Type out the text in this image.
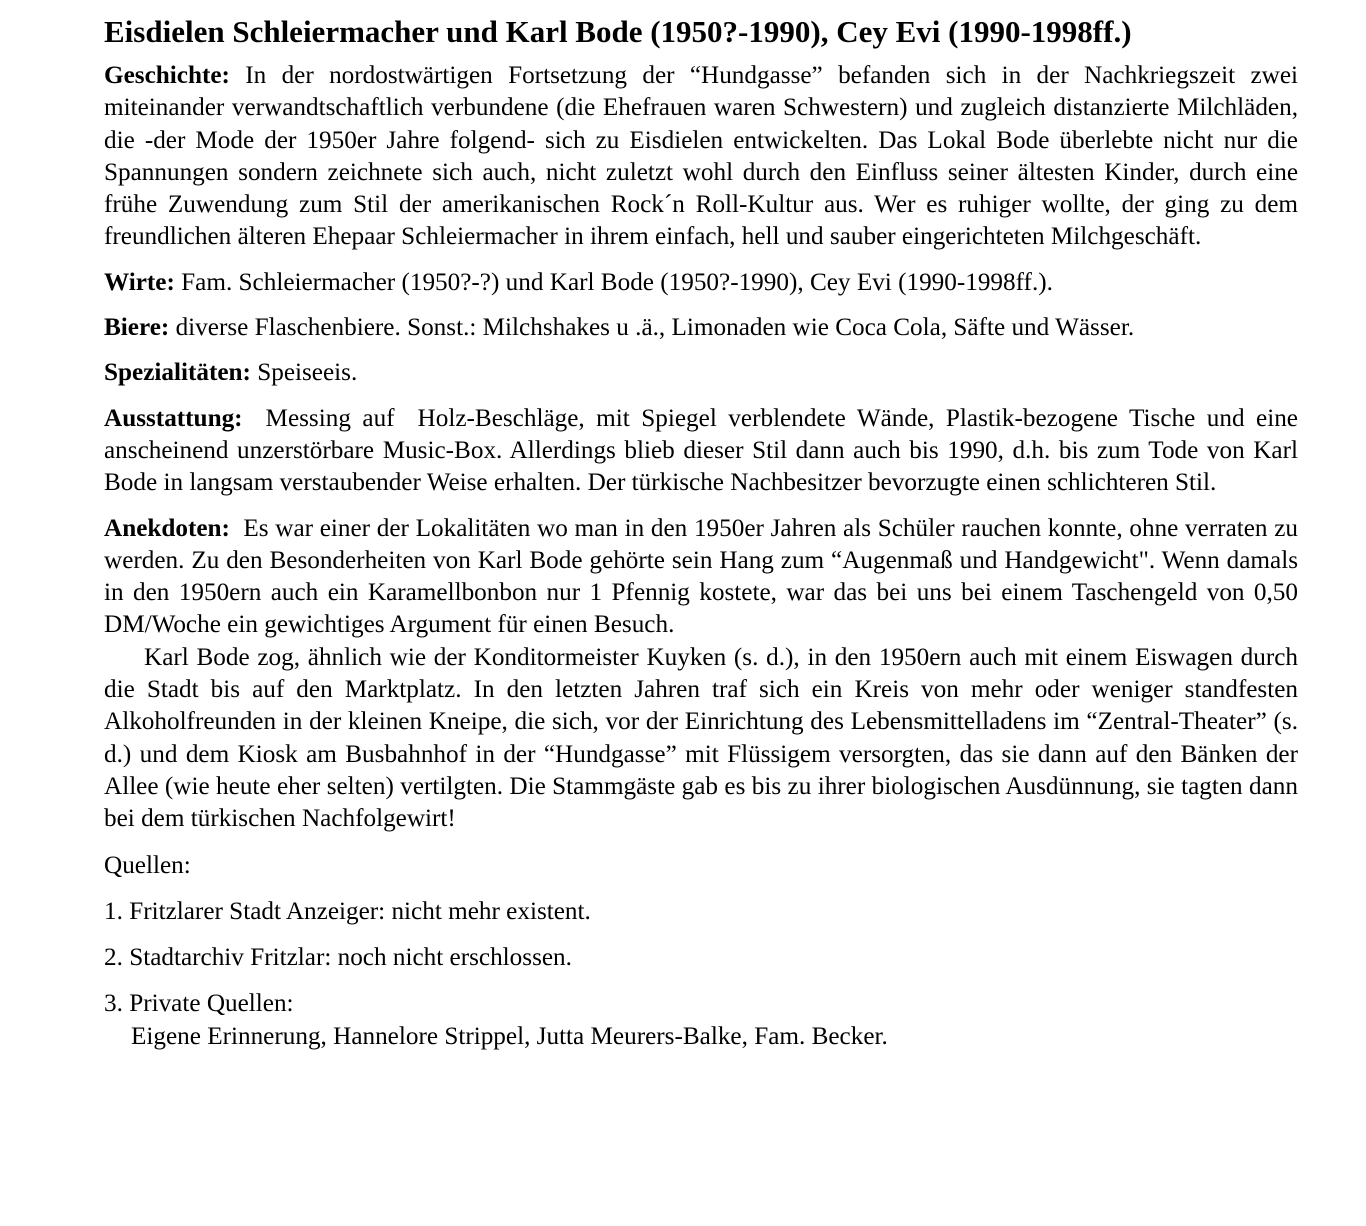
Eisdielen Schleiermacher und Karl Bode (1950?-1990), Cey Evi (1990-1998ff.)

Geschichte: In der nordostwärtigen Fortsetzung der “Hundgasse” befanden sich in der Nachkriegszeit zwei miteinander verwandtschaftlich verbundene (die Ehefrauen waren Schwestern) und zugleich distanzierte Milchläden, die -der Mode der 1950er Jahre folgend- sich zu Eisdielen entwickelten. Das Lokal Bode überlebte nicht nur die Spannungen sondern zeichnete sich auch, nicht zuletzt wohl durch den Einfluss seiner ältesten Kinder, durch eine frühe Zuwendung zum Stil der amerikanischen Rock´n Roll-Kultur aus. Wer es ruhiger wollte, der ging zu dem freundlichen älteren Ehepaar Schleiermacher in ihrem einfach, hell und sauber eingerichteten Milchgeschäft.

Wirte: Fam. Schleiermacher (1950?-?) und Karl Bode (1950?-1990), Cey Evi (1990-1998ff.).

Biere: diverse Flaschenbiere. Sonst.: Milchshakes u .ä., Limonaden wie Coca Cola, Säfte und Wässer.

Spezialitäten: Speiseeis.

Ausstattung:  Messing auf  Holz-Beschläge, mit Spiegel verblendete Wände, Plastik-bezogene Tische und eine anscheinend unzerstörbare Music-Box. Allerdings blieb dieser Stil dann auch bis 1990, d.h. bis zum Tode von Karl Bode in langsam verstaubender Weise erhalten. Der türkische Nachbesitzer bevorzugte einen schlichteren Stil.

Anekdoten:  Es war einer der Lokalitäten wo man in den 1950er Jahren als Schüler rauchen konnte, ohne verraten zu werden. Zu den Besonderheiten von Karl Bode gehörte sein Hang zum “Augenmaß und Handgewicht". Wenn damals in den 1950ern auch ein Karamellbonbon nur 1 Pfennig kostete, war das bei uns bei einem Taschengeld von 0,50 DM/Woche ein gewichtiges Argument für einen Besuch.

Karl Bode zog, ähnlich wie der Konditormeister Kuyken (s. d.), in den 1950ern auch mit einem Eiswagen durch die Stadt bis auf den Marktplatz. In den letzten Jahren traf sich ein Kreis von mehr oder weniger standfesten Alkoholfreunden in der kleinen Kneipe, die sich, vor der Einrichtung des Lebensmittelladens im “Zentral-Theater” (s. d.) und dem Kiosk am Busbahnhof in der “Hundgasse” mit Flüssigem versorgten, das sie dann auf den Bänken der Allee (wie heute eher selten) vertilgten. Die Stammgäste gab es bis zu ihrer biologischen Ausdünnung, sie tagten dann bei dem türkischen Nachfolgewirt!

Quellen:
1. Fritzlarer Stadt Anzeiger: nicht mehr existent.
2. Stadtarchiv Fritzlar: noch nicht erschlossen.
3. Private Quellen:
Eigene Erinnerung, Hannelore Strippel, Jutta Meurers-Balke, Fam. Becker.
